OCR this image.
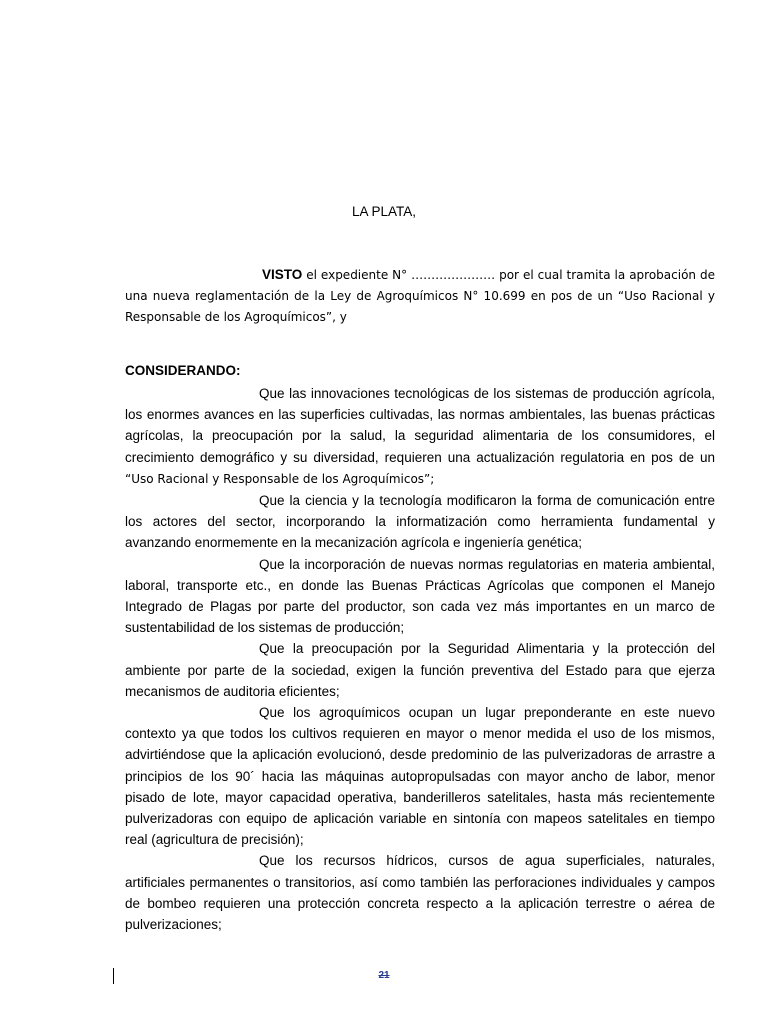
LA PLATA,
VISTO el expediente N° ………………… por el cual tramita la aprobación de una nueva reglamentación de la Ley de Agroquímicos N° 10.699 en pos de un “Uso Racional y Responsable de los Agroquímicos”, y
CONSIDERANDO:

Que las innovaciones tecnológicas de los sistemas de producción agrícola, los enormes avances en las superficies cultivadas, las normas ambientales, las buenas prácticas agrícolas, la preocupación por la salud, la seguridad alimentaria de los consumidores, el crecimiento demográfico y su diversidad, requieren una actualización regulatoria en pos de un “Uso Racional y Responsable de los Agroquímicos”;

Que la ciencia y la tecnología modificaron la forma de comunicación entre los actores del sector, incorporando la informatización como herramienta fundamental y avanzando enormemente en la mecanización agrícola e ingeniería genética;

Que la incorporación de nuevas normas regulatorias en materia ambiental, laboral, transporte etc., en donde las Buenas Prácticas Agrícolas que componen el Manejo Integrado de Plagas por parte del productor, son cada vez más importantes en un marco de sustentabilidad de los sistemas de producción;

Que la preocupación por la Seguridad Alimentaria y la protección del ambiente por parte de la sociedad, exigen la función preventiva del Estado para que ejerza mecanismos de auditoria eficientes;

Que los agroquímicos ocupan un lugar preponderante en este nuevo contexto ya que todos los cultivos requieren en mayor o menor medida el uso de los mismos, advirtiéndose que la aplicación evolucionó, desde predominio de las pulverizadoras de arrastre a principios de los 90´ hacia las máquinas autopropulsadas con mayor ancho de labor, menor pisado de lote, mayor capacidad operativa, banderilleros satelitales, hasta más recientemente pulverizadoras con equipo de aplicación variable en sintonía con mapeos satelitales en tiempo real (agricultura de precisión);

Que los recursos hídricos, cursos de agua superficiales, naturales, artificiales permanentes o transitorios, así como también las perforaciones individuales y campos de bombeo requieren una protección concreta respecto a la aplicación terrestre o aérea de pulverizaciones;

21
